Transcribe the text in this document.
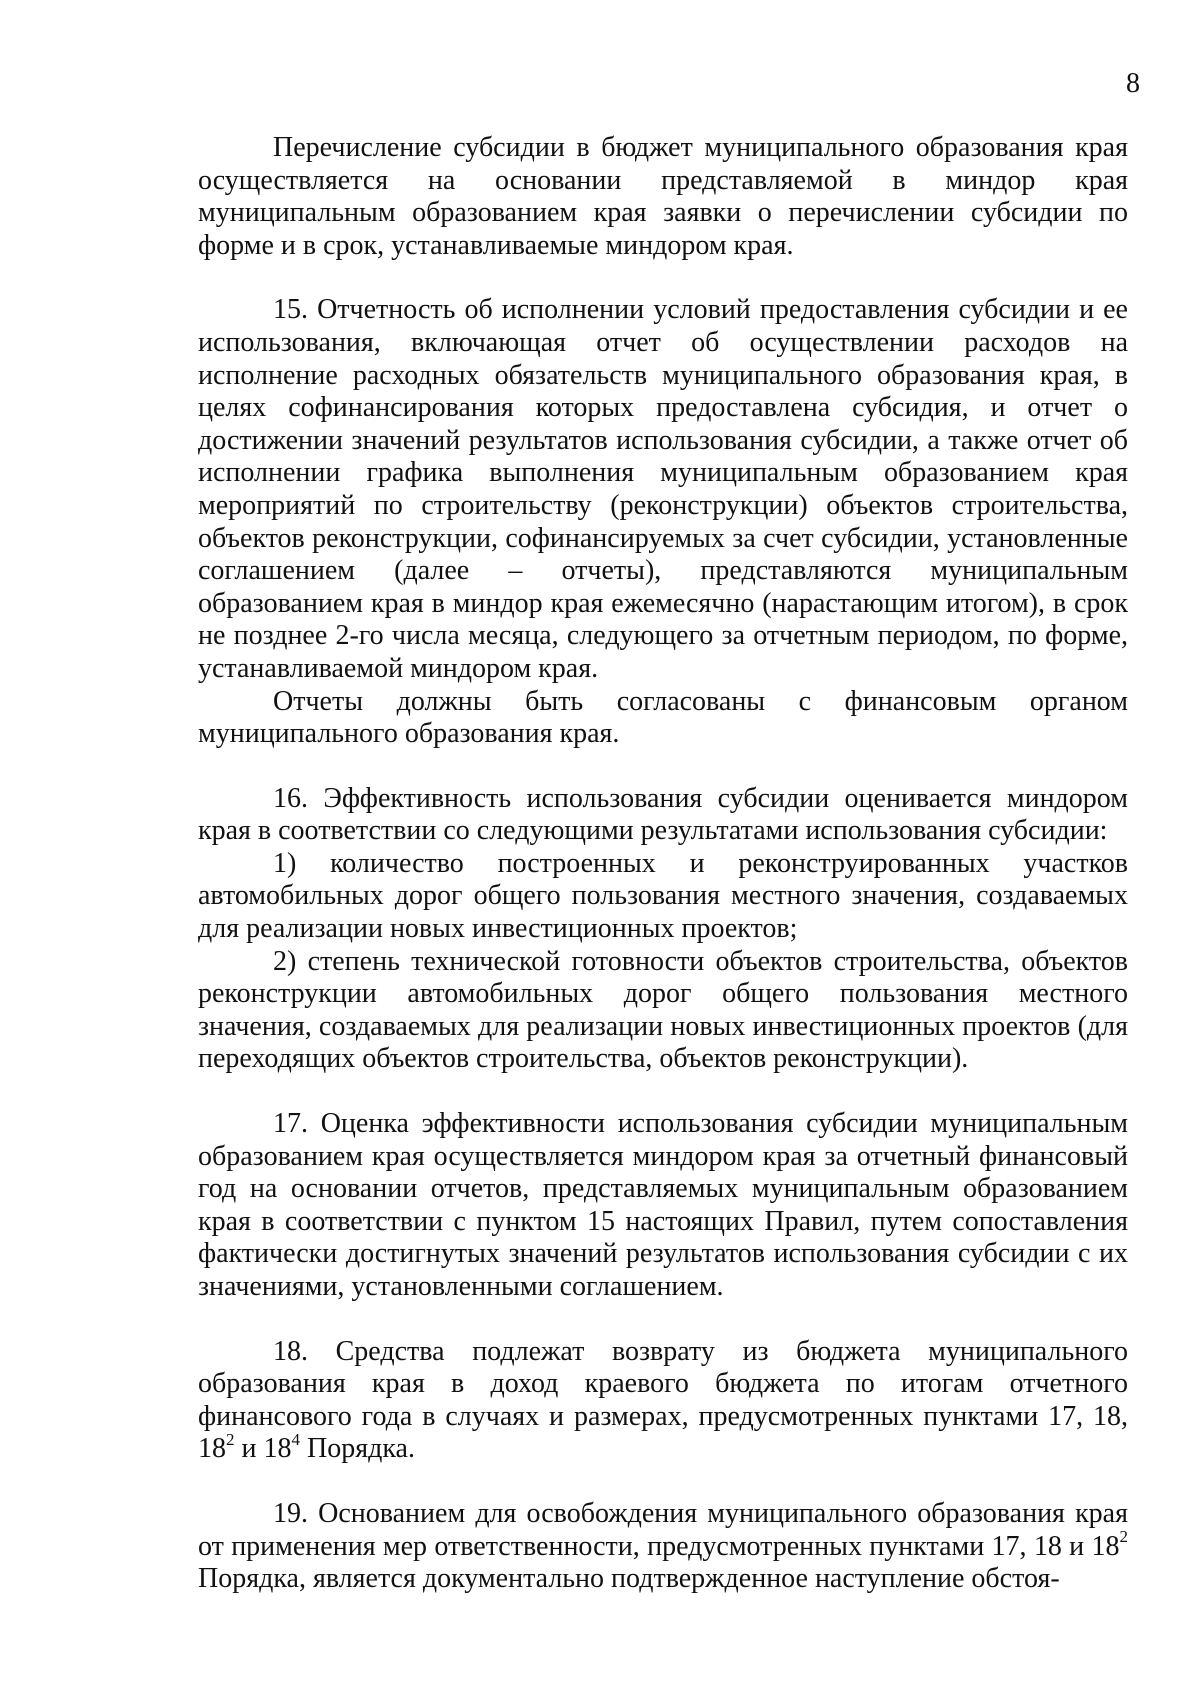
8

Перечисление субсидии в бюджет муниципального образования края осуществляется на основании представляемой в миндор края муниципальным образованием края заявки о перечислении субсидии по форме и в срок, устанавливаемые миндором края.

15. Отчетность об исполнении условий предоставления субсидии и ее использования, включающая отчет об осуществлении расходов на исполнение расходных обязательств муниципального образования края, в целях софинансирования которых предоставлена субсидия, и отчет о достижении значений результатов использования субсидии, а также отчет об исполнении графика выполнения муниципальным образованием края мероприятий по строительству (реконструкции) объектов строительства, объектов реконструкции, софинансируемых за счет субсидии, установленные соглашением (далее – отчеты), представляются муниципальным образованием края в миндор края ежемесячно (нарастающим итогом), в срок не позднее 2-го числа месяца, следующего за отчетным периодом, по форме, устанавливаемой миндором края.

Отчеты должны быть согласованы с финансовым органом муниципального образования края.

16. Эффективность использования субсидии оценивается миндором края в соответствии со следующими результатами использования субсидии:

1) количество построенных и реконструированных участков автомобильных дорог общего пользования местного значения, создаваемых для реализации новых инвестиционных проектов;

2) степень технической готовности объектов строительства, объектов реконструкции автомобильных дорог общего пользования местного значения, создаваемых для реализации новых инвестиционных проектов (для переходящих объектов строительства, объектов реконструкции).

17. Оценка эффективности использования субсидии муниципальным образованием края осуществляется миндором края за отчетный финансовый год на основании отчетов, представляемых муниципальным образованием края в соответствии с пунктом 15 настоящих Правил, путем сопоставления фактически достигнутых значений результатов использования субсидии с их значениями, установленными соглашением.

18. Средства подлежат возврату из бюджета муниципального образования края в доход краевого бюджета по итогам отчетного финансового года в случаях и размерах, предусмотренных пунктами 17, 18, $18^2$ и $18^4$ Порядка.

19. Основанием для освобождения муниципального образования края от применения мер ответственности, предусмотренных пунктами 17, 18 и $18^2$ Порядка, является документально подтвержденное наступление обстоя-
